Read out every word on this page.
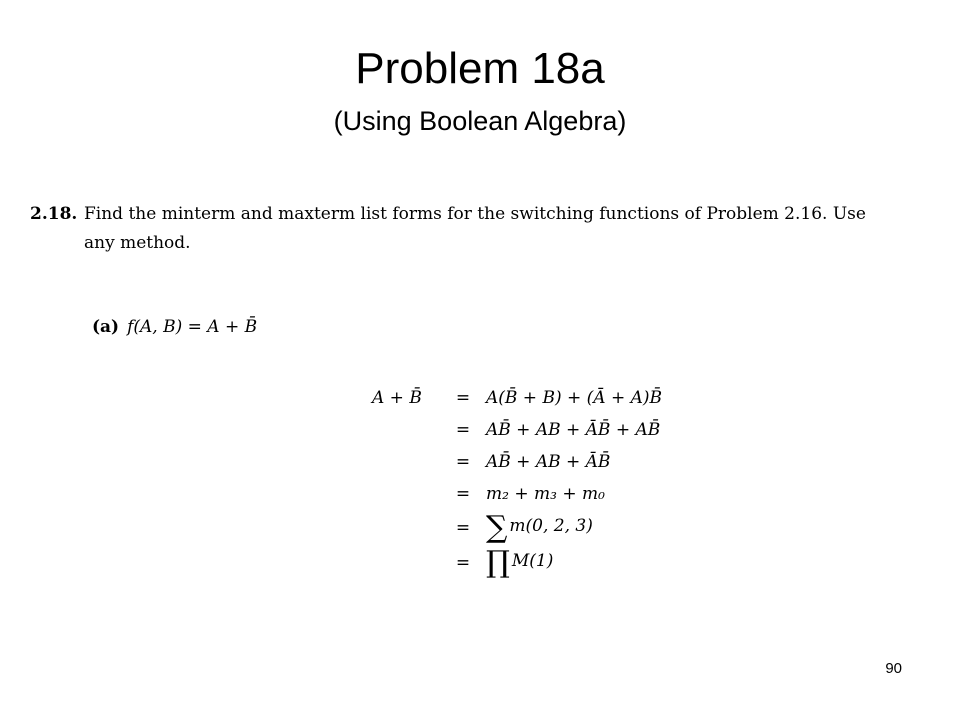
Problem 18a
(Using Boolean Algebra)
2.18. Find the minterm and maxterm list forms for the switching functions of Problem 2.16. Use
any method.
(a) f(A, B) = A + B̄
A + B̄	=	A(B̄ + B) + (Ā + A)B̄
	=	AB̄ + AB + ĀB̄ + AB̄
	=	AB̄ + AB + ĀB̄
	=	m₂ + m₃ + m₀
	=	∑ m(0, 2, 3)
	=	∏ M(1)
90
